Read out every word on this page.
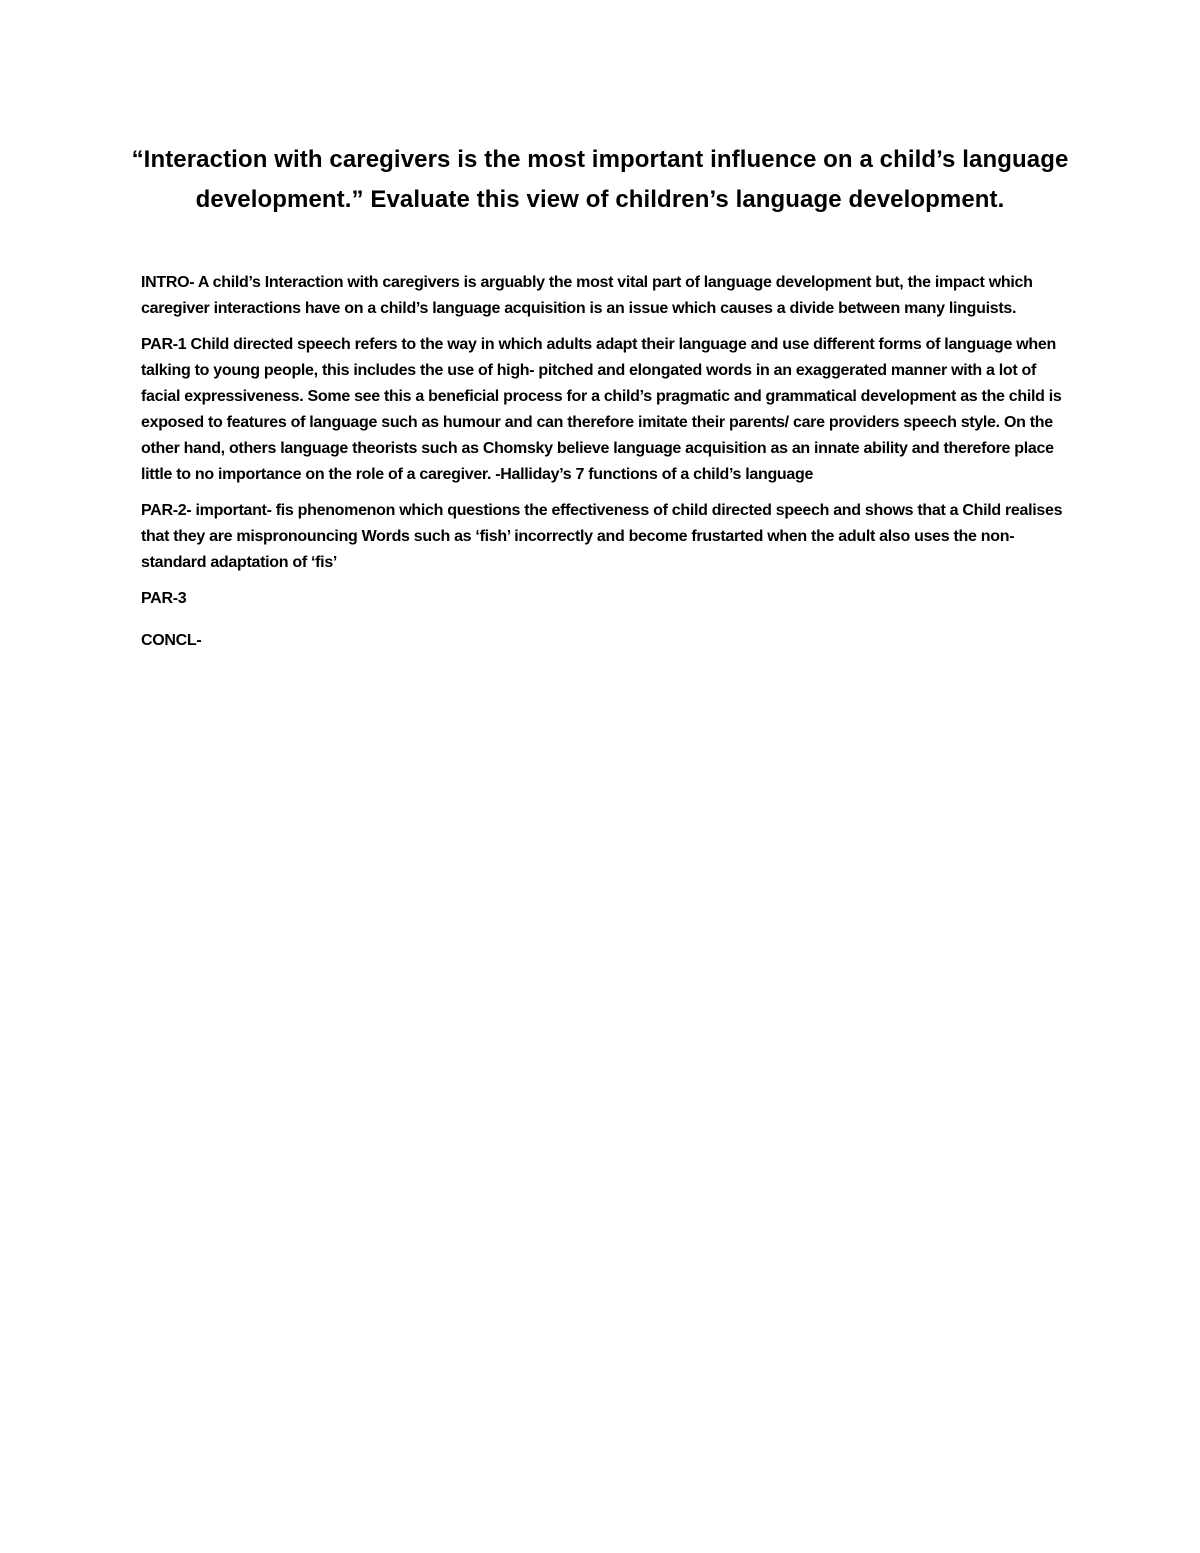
“Interaction with caregivers is the most important influence on a child’s language development.” Evaluate this view of children’s language development.

INTRO- A child’s Interaction with caregivers is arguably the most vital part of language development but, the impact which caregiver interactions have on a child’s language acquisition is an issue which causes a divide between many linguists.

PAR-1 Child directed speech refers to the way in which adults adapt their language and use different forms of language when talking to young people, this includes the use of high- pitched and elongated words in an exaggerated manner with a lot of facial expressiveness. Some see this a beneficial process for a child’s pragmatic and grammatical development as the child is exposed to features of language such as humour and can therefore imitate their parents/ care providers speech style. On the other hand, others language theorists such as Chomsky believe language acquisition as an innate ability and therefore place little to no importance on the role of a caregiver. -Halliday’s 7 functions of a child’s language

PAR-2- important- fis phenomenon which questions the effectiveness of child directed speech and shows that a Child realises that they are mispronouncing Words such as ‘fish’ incorrectly and become frustarted when the adult also uses the non- standard adaptation of ‘fis’

PAR-3

CONCL-
